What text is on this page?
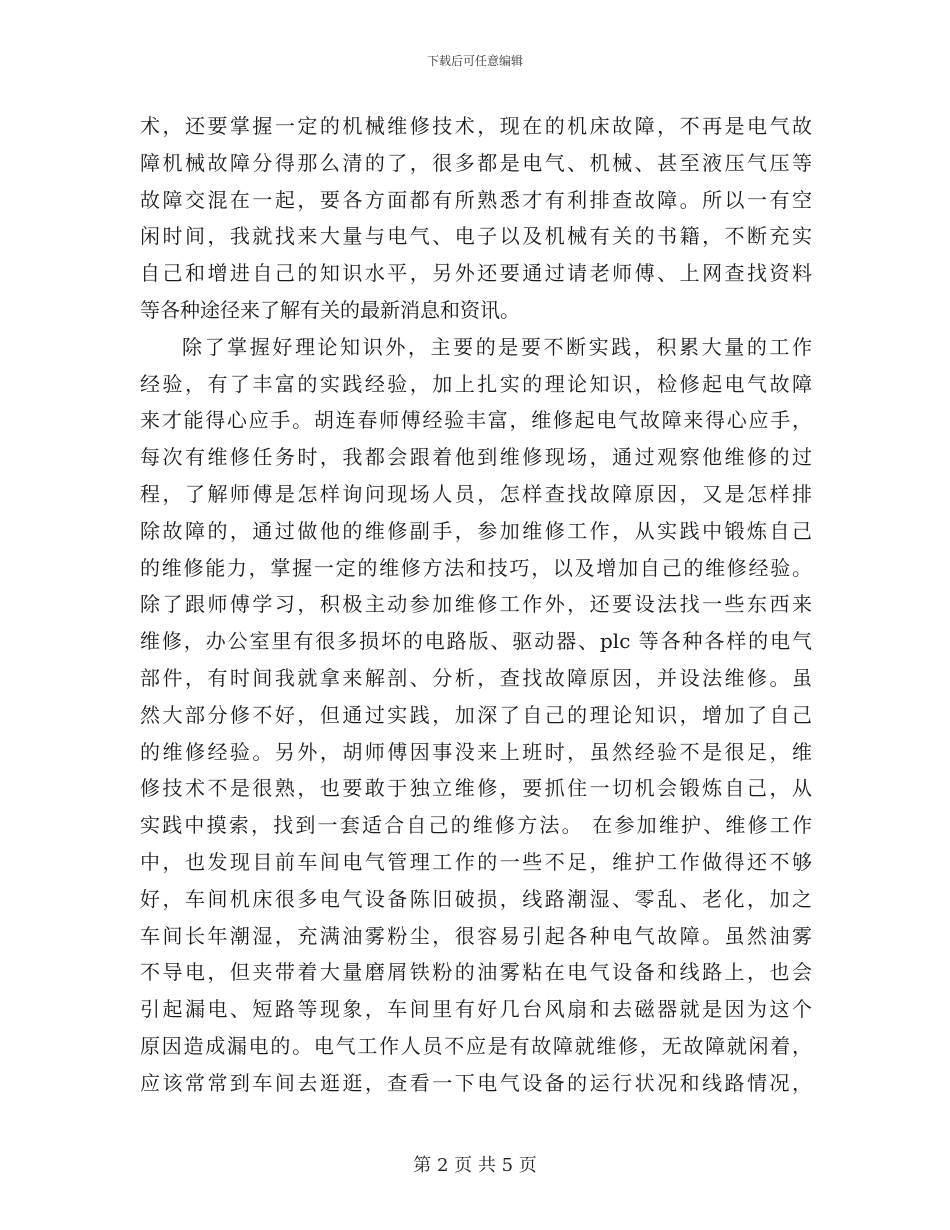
下载后可任意编辑
术，还要掌握一定的机械维修技术，现在的机床故障，不再是电气故
障机械故障分得那么清的了，很多都是电气、机械、甚至液压气压等
故障交混在一起，要各方面都有所熟悉才有利排查故障。所以一有空
闲时间，我就找来大量与电气、电子以及机械有关的书籍，不断充实
自己和增进自己的知识水平，另外还要通过请老师傅、上网查找资料
等各种途径来了解有关的最新消息和资讯。
除了掌握好理论知识外，主要的是要不断实践，积累大量的工作
经验，有了丰富的实践经验，加上扎实的理论知识，检修起电气故障
来才能得心应手。胡连春师傅经验丰富，维修起电气故障来得心应手，
每次有维修任务时，我都会跟着他到维修现场，通过观察他维修的过
程，了解师傅是怎样询问现场人员，怎样查找故障原因，又是怎样排
除故障的，通过做他的维修副手，参加维修工作，从实践中锻炼自己
的维修能力，掌握一定的维修方法和技巧，以及增加自己的维修经验。
除了跟师傅学习，积极主动参加维修工作外，还要设法找一些东西来
维修，办公室里有很多损坏的电路版、驱动器、plc 等各种各样的电气
部件，有时间我就拿来解剖、分析，查找故障原因，并设法维修。虽
然大部分修不好，但通过实践，加深了自己的理论知识，增加了自己
的维修经验。另外，胡师傅因事没来上班时，虽然经验不是很足，维
修技术不是很熟，也要敢于独立维修，要抓住一切机会锻炼自己，从
实践中摸索，找到一套适合自己的维修方法。 在参加维护、维修工作
中，也发现目前车间电气管理工作的一些不足，维护工作做得还不够
好，车间机床很多电气设备陈旧破损，线路潮湿、零乱、老化，加之
车间长年潮湿，充满油雾粉尘，很容易引起各种电气故障。虽然油雾
不导电，但夹带着大量磨屑铁粉的油雾粘在电气设备和线路上，也会
引起漏电、短路等现象，车间里有好几台风扇和去磁器就是因为这个
原因造成漏电的。电气工作人员不应是有故障就维修，无故障就闲着，
应该常常到车间去逛逛，查看一下电气设备的运行状况和线路情况，
第 2 页 共 5 页
